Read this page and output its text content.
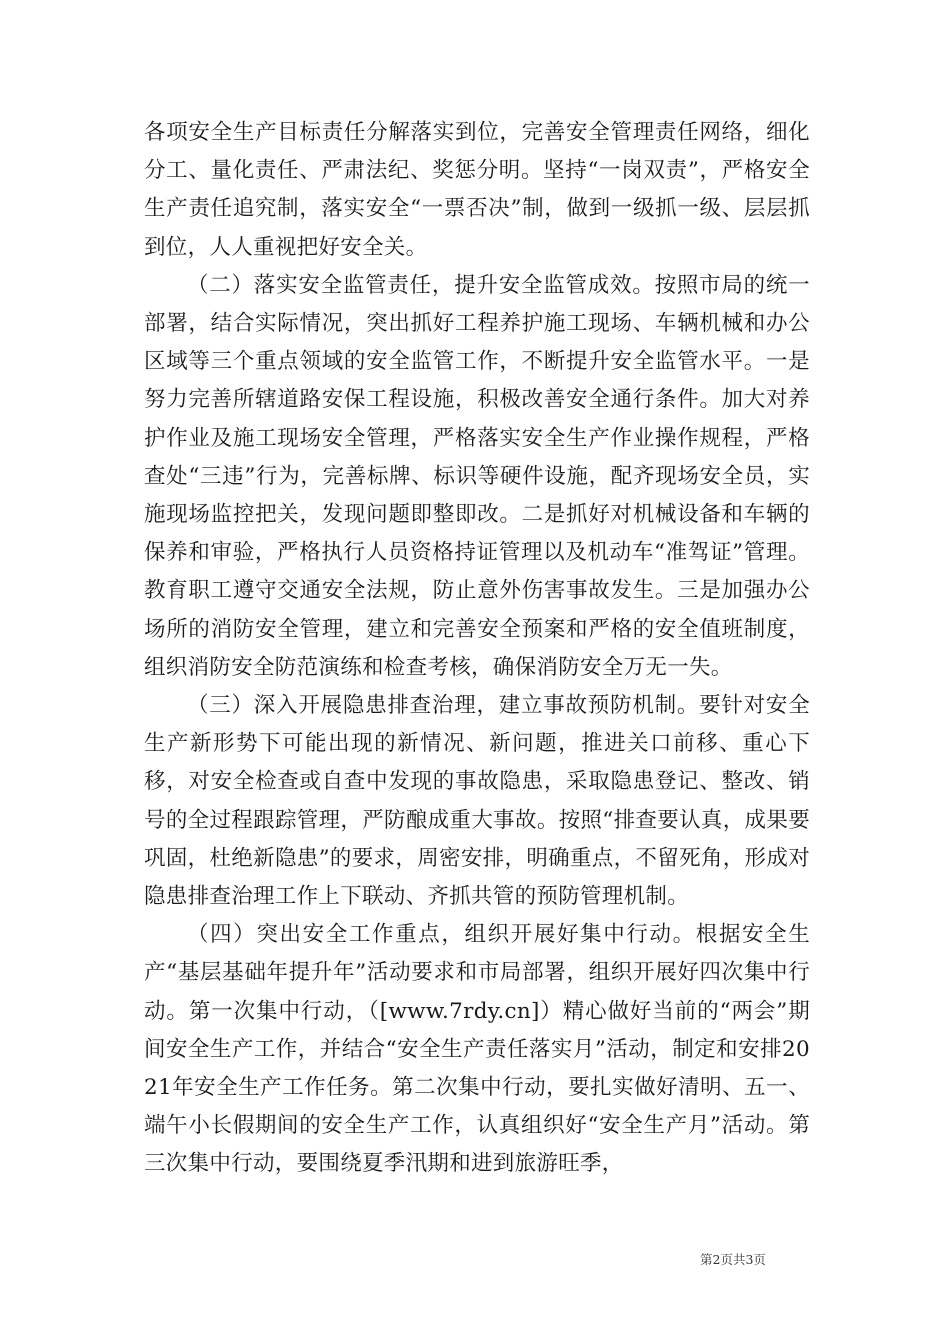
各项安全生产目标责任分解落实到位，完善安全管理责任网络，细化分工、量化责任、严肃法纪、奖惩分明。坚持“一岗双责”，严格安全生产责任追究制，落实安全“一票否决”制，做到一级抓一级、层层抓到位，人人重视把好安全关。

（二）落实安全监管责任，提升安全监管成效。按照市局的统一部署，结合实际情况，突出抓好工程养护施工现场、车辆机械和办公区域等三个重点领域的安全监管工作，不断提升安全监管水平。一是努力完善所辖道路安保工程设施，积极改善安全通行条件。加大对养护作业及施工现场安全管理，严格落实安全生产作业操作规程，严格查处“三违”行为，完善标牌、标识等硬件设施，配齐现场安全员，实施现场监控把关，发现问题即整即改。二是抓好对机械设备和车辆的保养和审验，严格执行人员资格持证管理以及机动车“准驾证”管理。教育职工遵守交通安全法规，防止意外伤害事故发生。三是加强办公场所的消防安全管理，建立和完善安全预案和严格的安全值班制度，组织消防安全防范演练和检查考核，确保消防安全万无一失。

（三）深入开展隐患排查治理，建立事故预防机制。要针对安全生产新形势下可能出现的新情况、新问题，推进关口前移、重心下移，对安全检查或自查中发现的事故隐患，采取隐患登记、整改、销号的全过程跟踪管理，严防酿成重大事故。按照“排查要认真，成果要巩固，杜绝新隐患”的要求，周密安排，明确重点，不留死角，形成对隐患排查治理工作上下联动、齐抓共管的预防管理机制。

（四）突出安全工作重点，组织开展好集中行动。根据安全生产“基层基础年提升年”活动要求和市局部署，组织开展好四次集中行动。第一次集中行动，（[www.7rdy.cn]）精心做好当前的“两会”期间安全生产工作，并结合“安全生产责任落实月”活动，制定和安排2021年安全生产工作任务。第二次集中行动，要扎实做好清明、五一、端午小长假期间的安全生产工作，认真组织好“安全生产月”活动。第三次集中行动，要围绕夏季汛期和进到旅游旺季，

第2页共3页
